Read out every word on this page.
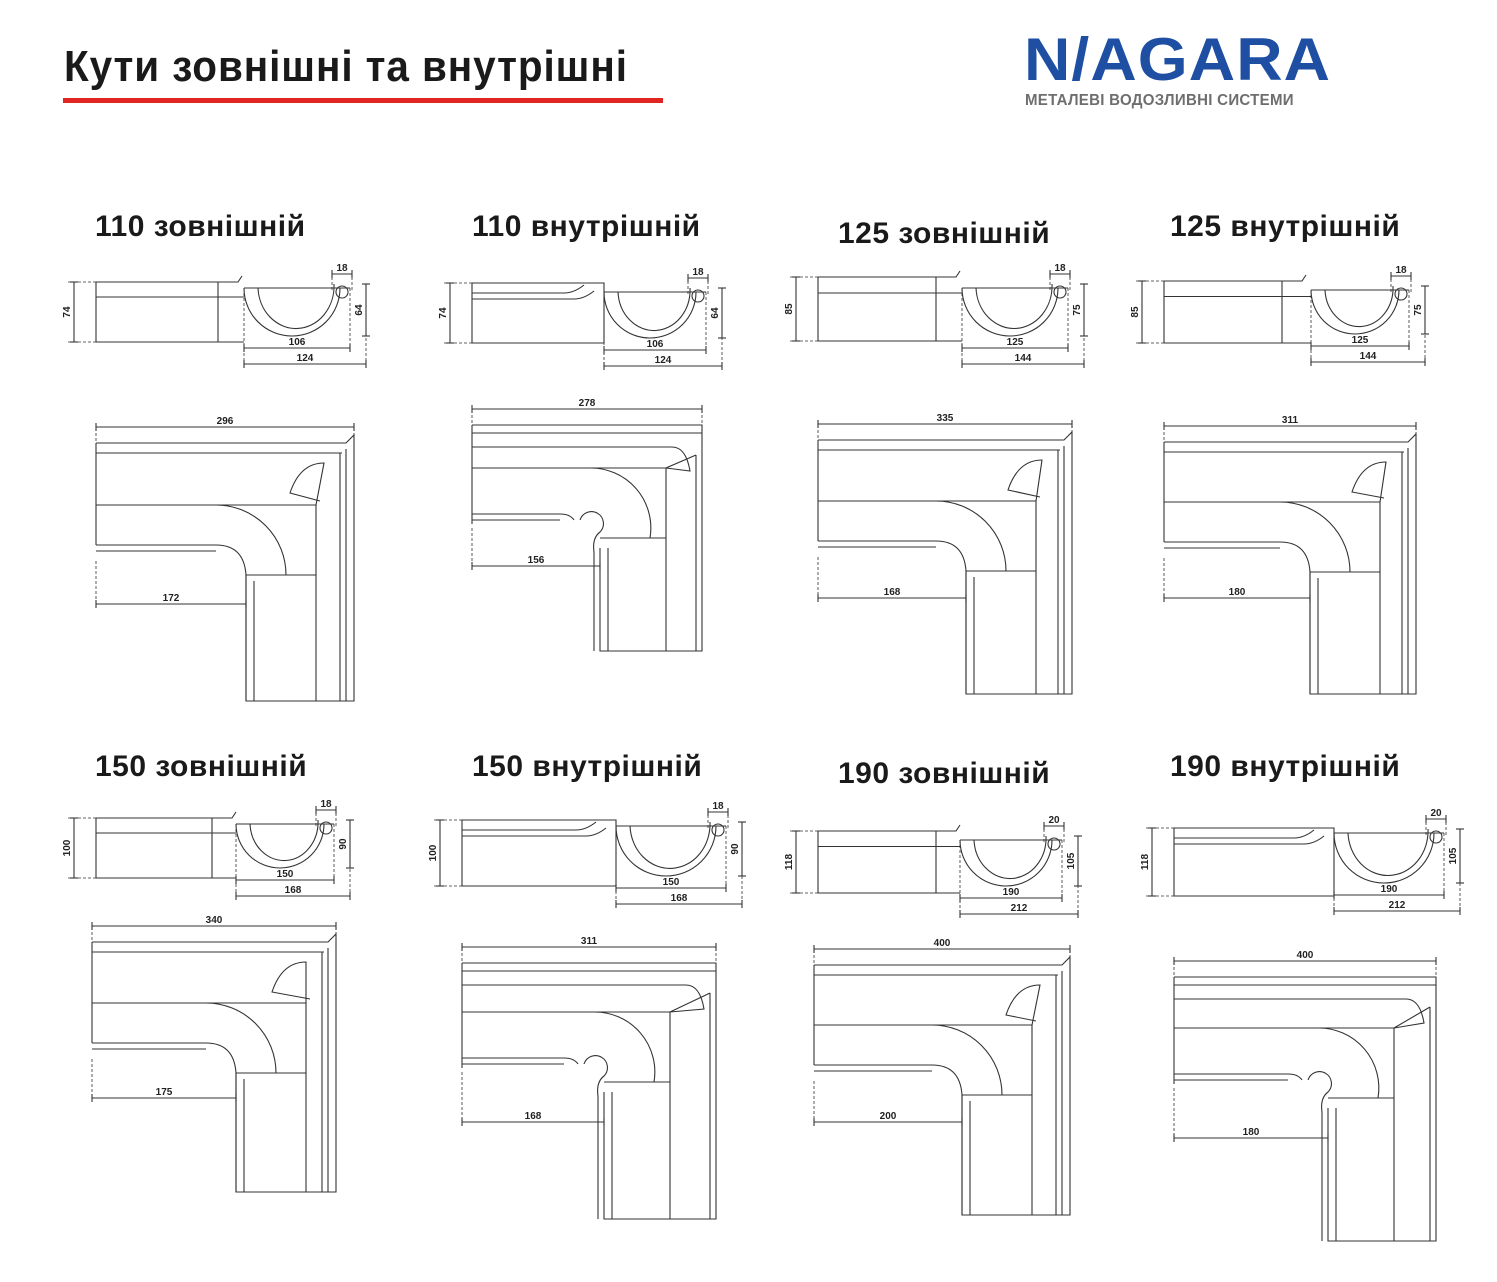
Кути зовнішні та внутрішні	N/AGARA
МЕТАЛЕВІ ВОДОЗЛИВНІ СИСТЕМИ
110 зовнішній	110 внутрішній	125 зовнішній	125 внутрішній
150 зовнішній	150 внутрішній	190 зовнішній	190 внутрішній
74
18
64
106
124
74
18
64
106
124
85
18
75
125
144
85
18
75
125
144
100
18
90
150
168
100
18
90
150
168
118
20
105
190
212
118
20
105
190
212
296
172
278
156
335
168
311
180
340
175
311
168
400
200
400
180
